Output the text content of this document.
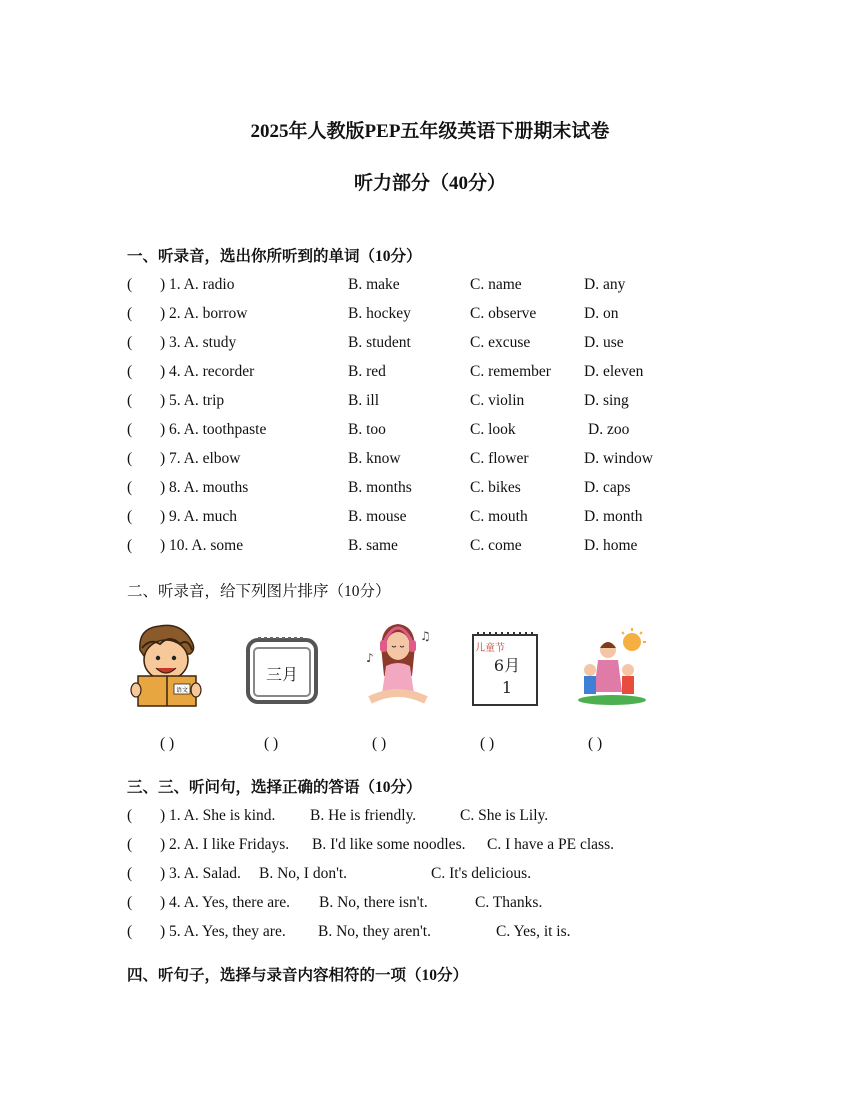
2025年人教版PEP五年级英语下册期末试卷
听力部分（40分）
一、听录音，选出你所听到的单词（10分）
( ) 1. A. radio	B. make	C. name	D. any
( ) 2. A. borrow	B. hockey	C. observe	D. on
( ) 3. A. study	B. student	C. excuse	D. use
( ) 4. A. recorder	B. red	C. remember D. eleven
( ) 5. A. trip	B. ill	C. violin	D. sing
( ) 6. A. toothpaste	B. too	C. look	D. zoo
( ) 7. A. elbow	B. know	C. flower	D. window
( ) 8. A. mouths	B. months	C. bikes	D. caps
( ) 9. A. much	B. mouse	C. mouth	D. month
( ) 10. A. some	B. same	C. come	D. home
二、听录音，给下列图片排序（10分）
语文
三月
♪
♫
儿童节
6月
1
( )	( )	( )	( )	( )
三、三、听问句，选择正确的答语（10分）
( ) 1. A. She is kind. B. He is friendly.	C. She is Lily.
( ) 2. A. I like Fridays. B. I'd like some noodles. C. I have a PE class.
( ) 3. A. Salad. B. No, I don't.	C. It's delicious.
( ) 4. A. Yes, there are. B. No, there isn't.	C. Thanks.
( ) 5. A. Yes, they are. B. No, they aren't.	C. Yes, it is.
四、听句子，选择与录音内容相符的一项（10分）
